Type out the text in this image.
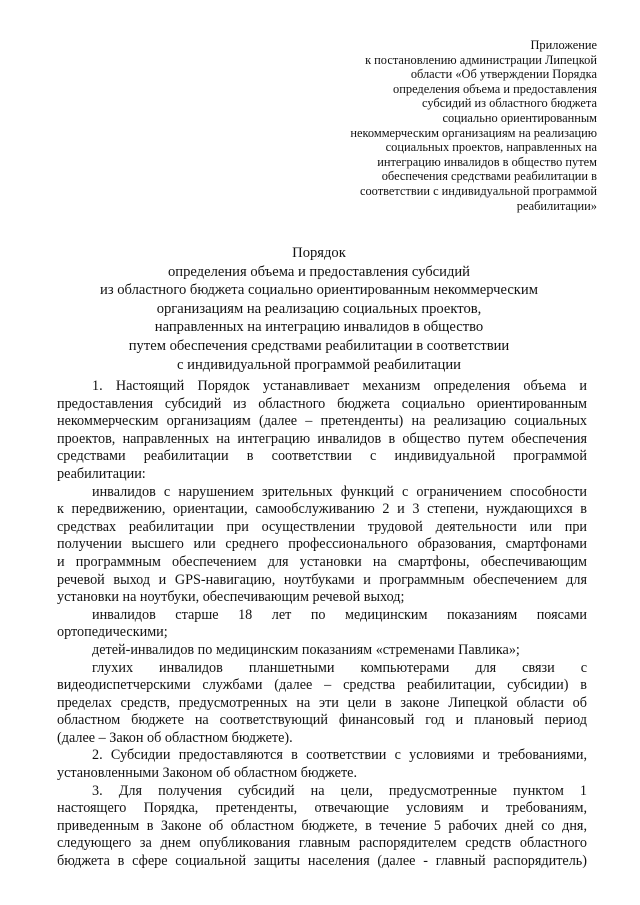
Приложение
к постановлению администрации Липецкой
области «Об утверждении Порядка
определения объема и предоставления
субсидий из областного бюджета
социально ориентированным
некоммерческим организациям на реализацию
социальных проектов, направленных на
интеграцию инвалидов в общество путем
обеспечения средствами реабилитации в
соответствии с индивидуальной программой
реабилитации»
Порядок
определения объема и предоставления субсидий
из областного бюджета социально ориентированным некоммерческим
организациям на реализацию социальных проектов,
направленных на интеграцию инвалидов в общество
путем обеспечения средствами реабилитации в соответствии
с индивидуальной программой реабилитации
1. Настоящий Порядок устанавливает механизм определения объема и
предоставления субсидий из областного бюджета социально ориентированным
некоммерческим организациям (далее – претенденты) на реализацию социальных
проектов, направленных на интеграцию инвалидов в общество путем обеспечения
средствами реабилитации в соответствии с индивидуальной программой
реабилитации:
инвалидов с нарушением зрительных функций с ограничением способности
к передвижению, ориентации, самообслуживанию 2 и 3 степени, нуждающихся в
средствах реабилитации при осуществлении трудовой деятельности или при
получении высшего или среднего профессионального образования, смартфонами
и программным обеспечением для установки на смартфоны, обеспечивающим
речевой выход и GPS-навигацию, ноутбуками и программным обеспечением для
установки на ноутбуки, обеспечивающим речевой выход;
инвалидов старше 18 лет по медицинским показаниям поясами
ортопедическими;
детей-инвалидов по медицинским показаниям «стременами Павлика»;
глухих инвалидов планшетными компьютерами для связи с
видеодиспетчерскими службами (далее – средства реабилитации, субсидии) в
пределах средств, предусмотренных на эти цели в законе Липецкой области об
областном бюджете на соответствующий финансовый год и плановый период
(далее – Закон об областном бюджете).
2. Субсидии предоставляются в соответствии с условиями и требованиями,
установленными Законом об областном бюджете.
3. Для получения субсидий на цели, предусмотренные пунктом 1
настоящего Порядка, претенденты, отвечающие условиям и требованиям,
приведенным в Законе об областном бюджете, в течение 5 рабочих дней со дня,
следующего за днем опубликования главным распорядителем средств областного
бюджета в сфере социальной защиты населения (далее - главный распорядитель)
